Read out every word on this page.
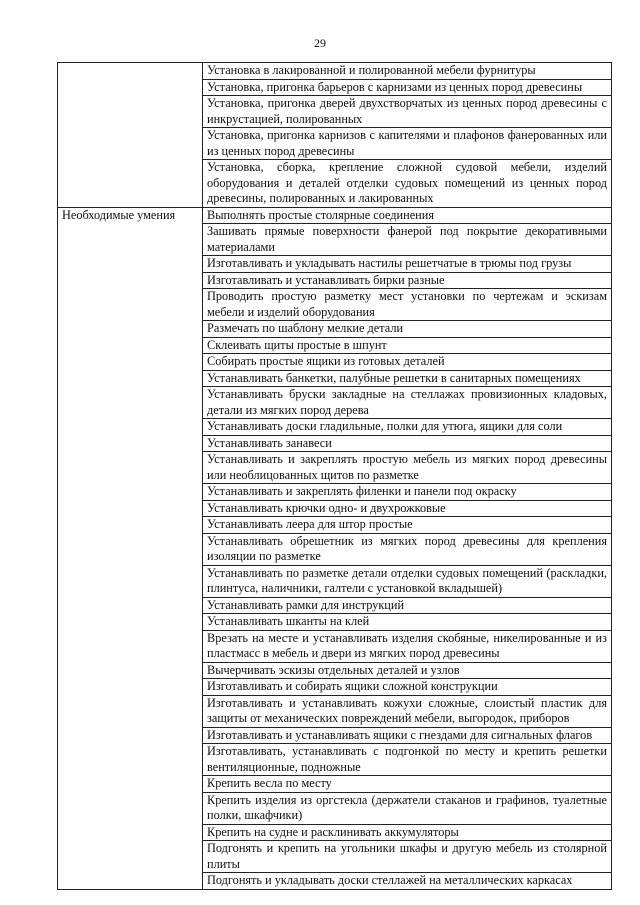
29
	Установка в лакированной и полированной мебели фурнитуры
	Установка, пригонка барьеров с карнизами из ценных пород древесины
	Установка, пригонка дверей двухстворчатых из ценных пород древесины с инкрустацией, полированных
	Установка, пригонка карнизов с капителями и плафонов фанерованных или из ценных пород древесины
	Установка, сборка, крепление сложной судовой мебели, изделий оборудования и деталей отделки судовых помещений из ценных пород древесины, полированных и лакированных
Необходимые умения	Выполнять простые столярные соединения
	Зашивать прямые поверхности фанерой под покрытие декоративными материалами
	Изготавливать и укладывать настилы решетчатые в трюмы под грузы
	Изготавливать и устанавливать бирки разные
	Проводить простую разметку мест установки по чертежам и эскизам мебели и изделий оборудования
	Размечать по шаблону мелкие детали
	Склеивать щиты простые в шпунт
	Собирать простые ящики из готовых деталей
	Устанавливать банкетки, палубные решетки в санитарных помещениях
	Устанавливать бруски закладные на стеллажах провизионных кладовых, детали из мягких пород дерева
	Устанавливать доски гладильные, полки для утюга, ящики для соли
	Устанавливать занавеси
	Устанавливать и закреплять простую мебель из мягких пород древесины или необлицованных щитов по разметке
	Устанавливать и закреплять филенки и панели под окраску
	Устанавливать крючки одно- и двухрожковые
	Устанавливать леера для штор простые
	Устанавливать обрешетник из мягких пород древесины для крепления изоляции по разметке
	Устанавливать по разметке детали отделки судовых помещений (раскладки, плинтуса, наличники, галтели с установкой вкладышей)
	Устанавливать рамки для инструкций
	Устанавливать шканты на клей
	Врезать на месте и устанавливать изделия скобяные, никелированные и из пластмасс в мебель и двери из мягких пород древесины
	Вычерчивать эскизы отдельных деталей и узлов
	Изготавливать и собирать ящики сложной конструкции
	Изготавливать и устанавливать кожухи сложные, слоистый пластик для защиты от механических повреждений мебели, выгородок, приборов
	Изготавливать и устанавливать ящики с гнездами для сигнальных флагов
	Изготавливать, устанавливать с подгонкой по месту и крепить решетки вентиляционные, подножные
	Крепить весла по месту
	Крепить изделия из оргстекла (держатели стаканов и графинов, туалетные полки, шкафчики)
	Крепить на судне и расклинивать аккумуляторы
	Подгонять и крепить на угольники шкафы и другую мебель из столярной плиты
	Подгонять и укладывать доски стеллажей на металлических каркасах
